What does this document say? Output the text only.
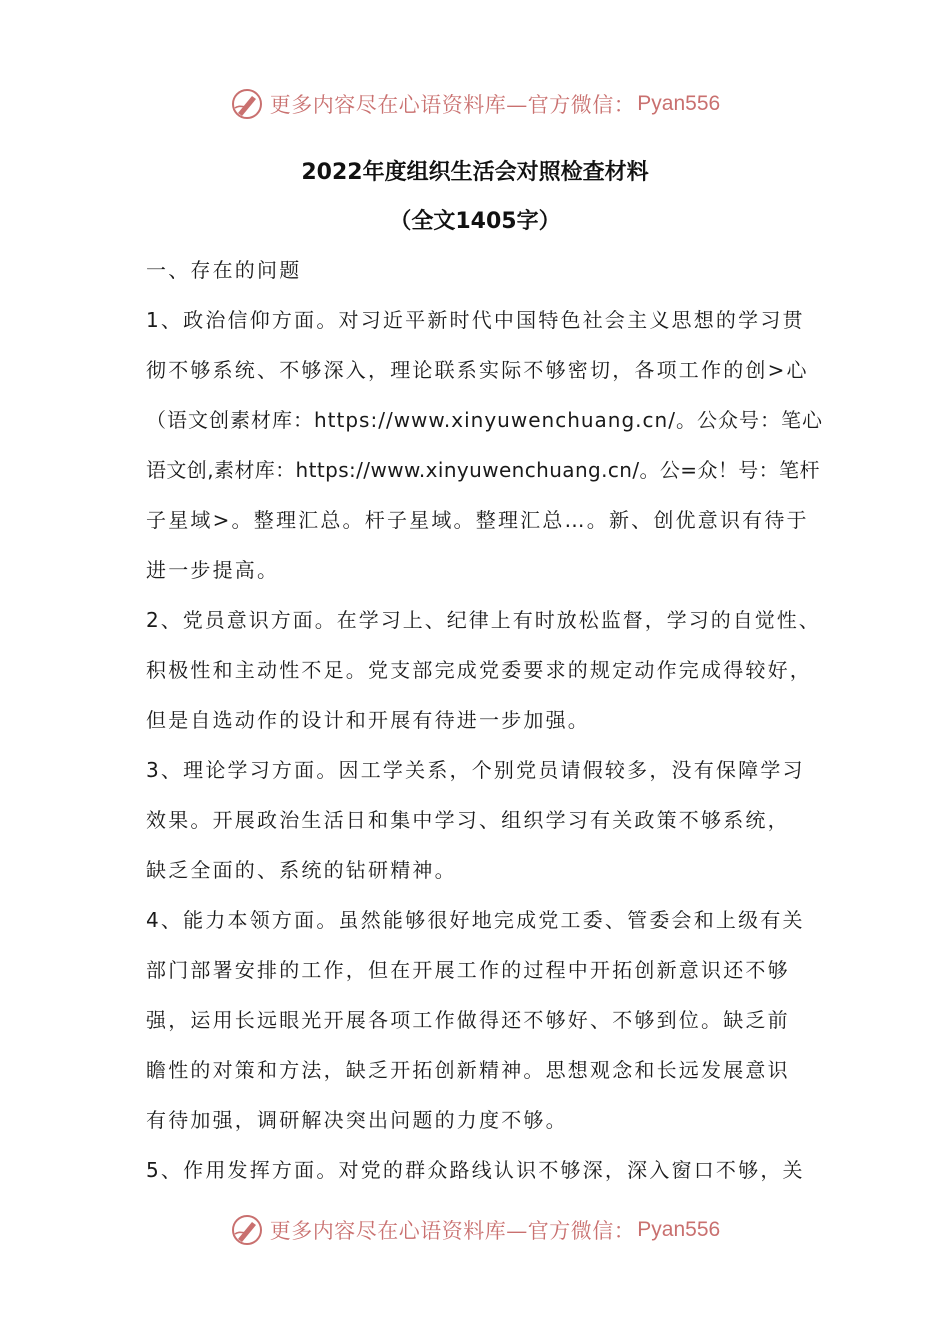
更多内容尽在心语资料库—官方微信： Pyan556
2022年度组织生活会对照检查材料
（全文1405字）
一、存在的问题
1、政治信仰方面。对习近平新时代中国特色社会主义思想的学习贯
彻不够系统、不够深入，理论联系实际不够密切，各项工作的创>心
（语文创素材库：https://www.xinyuwenchuang.cn/。公众号：笔心
语文创,素材库：https://www.xinyuwenchuang.cn/。公=众！号：笔杆
子星域>。整理汇总。杆子星域。整理汇总…。新、创优意识有待于
进一步提高。
2、党员意识方面。在学习上、纪律上有时放松监督，学习的自觉性、
积极性和主动性不足。党支部完成党委要求的规定动作完成得较好，
但是自选动作的设计和开展有待进一步加强。
3、理论学习方面。因工学关系，个别党员请假较多，没有保障学习
效果。开展政治生活日和集中学习、组织学习有关政策不够系统，
缺乏全面的、系统的钻研精神。
4、能力本领方面。虽然能够很好地完成党工委、管委会和上级有关
部门部署安排的工作，但在开展工作的过程中开拓创新意识还不够
强，运用长远眼光开展各项工作做得还不够好、不够到位。缺乏前
瞻性的对策和方法，缺乏开拓创新精神。思想观念和长远发展意识
有待加强，调研解决突出问题的力度不够。
5、作用发挥方面。对党的群众路线认识不够深，深入窗口不够，关
更多内容尽在心语资料库—官方微信： Pyan556
